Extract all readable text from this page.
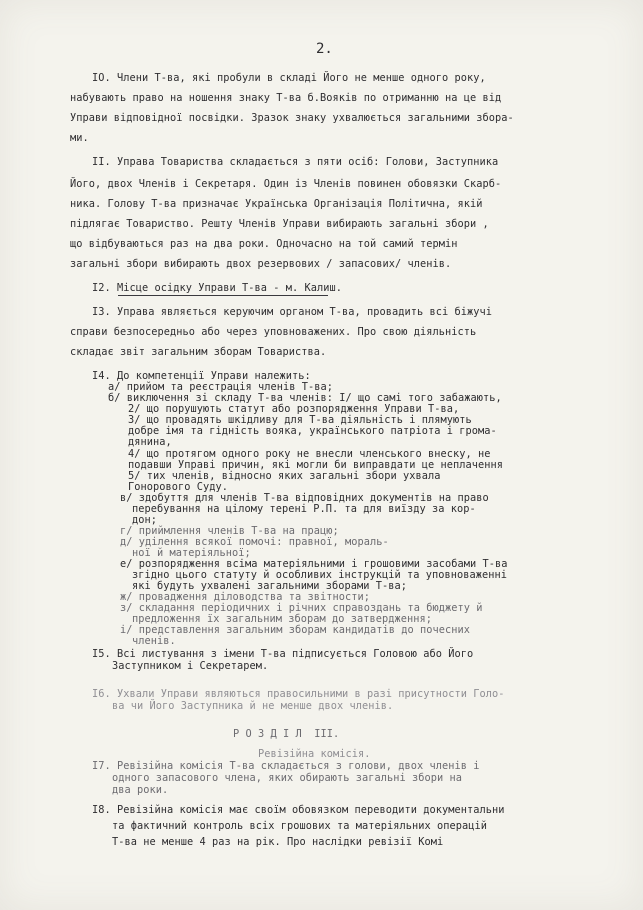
2.
IO. Члени Т-ва, які пробули в складі Його не менше одного року,
набувають право на ношення знаку Т-ва б.Вояків по отриманню на це від
Управи відповідної посвідки. Зразок знаку ухвалюється загальними збора-
ми.
II. Управа Товариства складається з пяти осіб: Голови, Заступника
Його, двох Членів і Секретаря. Один із Членів повинен обовязки Скарб-
ника. Голову Т-ва призначає Українська Організація Політична, якій
підлягає Товариство. Решту Членів Управи вибирають загальні збори ,
що відбуваються раз на два роки. Одночасно на той самий термін
загальні збори вибирають двох резервових / запасових/ членів.
I2. Місце осідку Управи Т-ва - м. Калиш.
I3. Управа являється керуючим органом Т-ва, провадить всі біжучі
справи безпосередньо або через уповноважених. Про свою діяльність
складає звіт загальним зборам Товариства.
I4. До компетенції Управи належить:
а/ прийом та реєстрація членів Т-ва;
б/ виключення зі складу Т-ва членів: I/ що самі того забажають,
2/ що порушують статут або розпорядження Управи Т-ва,
3/ що провадять шкідливу для Т-ва діяльність і плямують
добре імя та гідність вояка, українського патріота і грома-
дянина,
4/ що протягом одного року не внесли членського внеску, не
подавши Управі причин, які могли би виправдати це неплачення
5/ тих членів, відносно яких загальні збори ухвала
Гонорового Суду.
в/ здобуття для членів Т-ва відповідних документів на право
перебування на цілому терені Р.П. та для виїзду за кор-
дон;
г/ приймлення членів Т-ва на працю;
д/ уділення всякої помочі: правної, мораль-
ної й матеріяльної;
е/ розпорядження всіма матеріяльними і грошовими засобами Т-ва
згідно цього статуту й особливих інструкцій та уповноваженні
які будуть ухвалені загальними зборами Т-ва;
ж/ провадження діловодства та звітности;
з/ складання періодичних і річних справоздань та бюджету й
предложення їх загальним зборам до затвердження;
і/ представлення загальним зборам кандидатів до почесних
членів.
I5. Всі листування з імени Т-ва підписується Головою або Його
Заступником і Секретарем.
I6. Ухвали Управи являються правосильними в разі присутности Голо-
ва чи Його Заступника й не менше двох членів.
Р О З Д І Л  ІІІ.
Ревізійна комісія.
I7. Ревізійна комісія Т-ва складається з голови, двох членів і
одного запасового члена, яких обирають загальні збори на
два роки.
I8. Ревізійна комісія має своїм обовязком переводити документальни
та фактичний контроль всіх грошових та матеріяльних операцій
Т-ва не менше 4 раз на рік. Про наслідки ревізії Комі
